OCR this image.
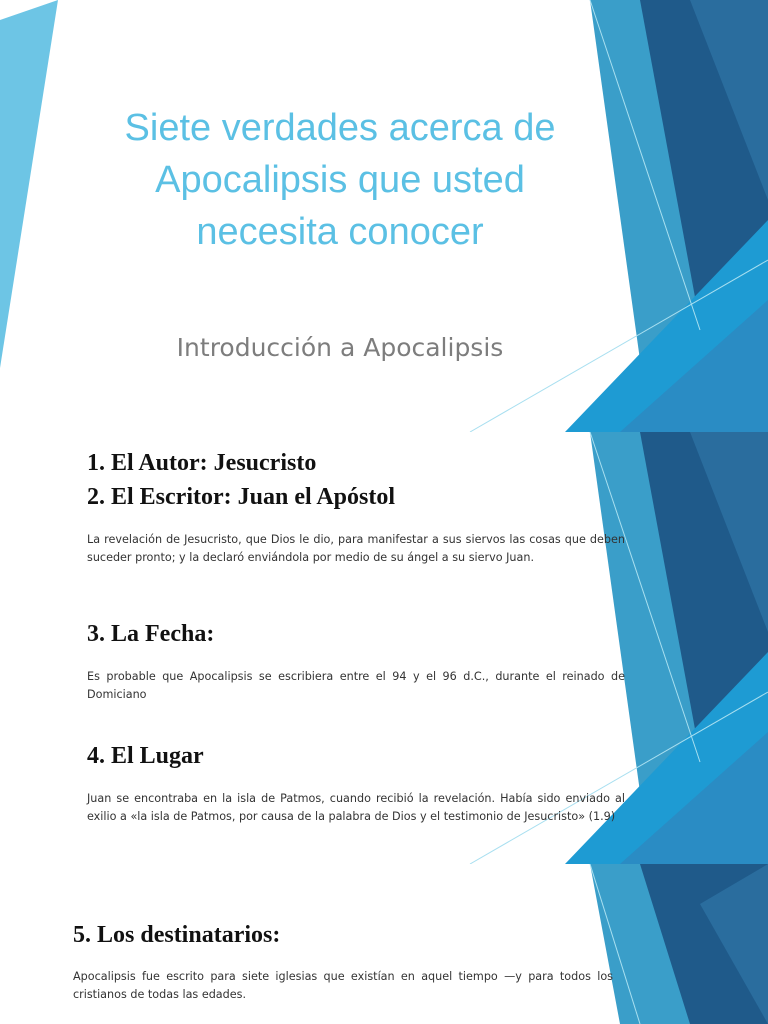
Siete verdades acerca de Apocalipsis que usted necesita conocer
Introducción a Apocalipsis
1. El Autor: Jesucristo
2. El Escritor: Juan el Apóstol
La revelación de Jesucristo, que Dios le dio, para manifestar a sus siervos las cosas que deben suceder pronto; y la declaró enviándola por medio de su ángel a su siervo Juan.
3. La Fecha:
Es probable que Apocalipsis se escribiera entre el 94 y el 96 d.C., durante el reinado de Domiciano
4. El Lugar
Juan se encontraba en la isla de Patmos, cuando recibió la revelación. Había sido enviado al exilio a «la isla de Patmos, por causa de la palabra de Dios y el testimonio de Jesucristo» (1.9)
5. Los destinatarios:
Apocalipsis fue escrito para siete iglesias que existían en aquel tiempo —y para todos los cristianos de todas las edades.
